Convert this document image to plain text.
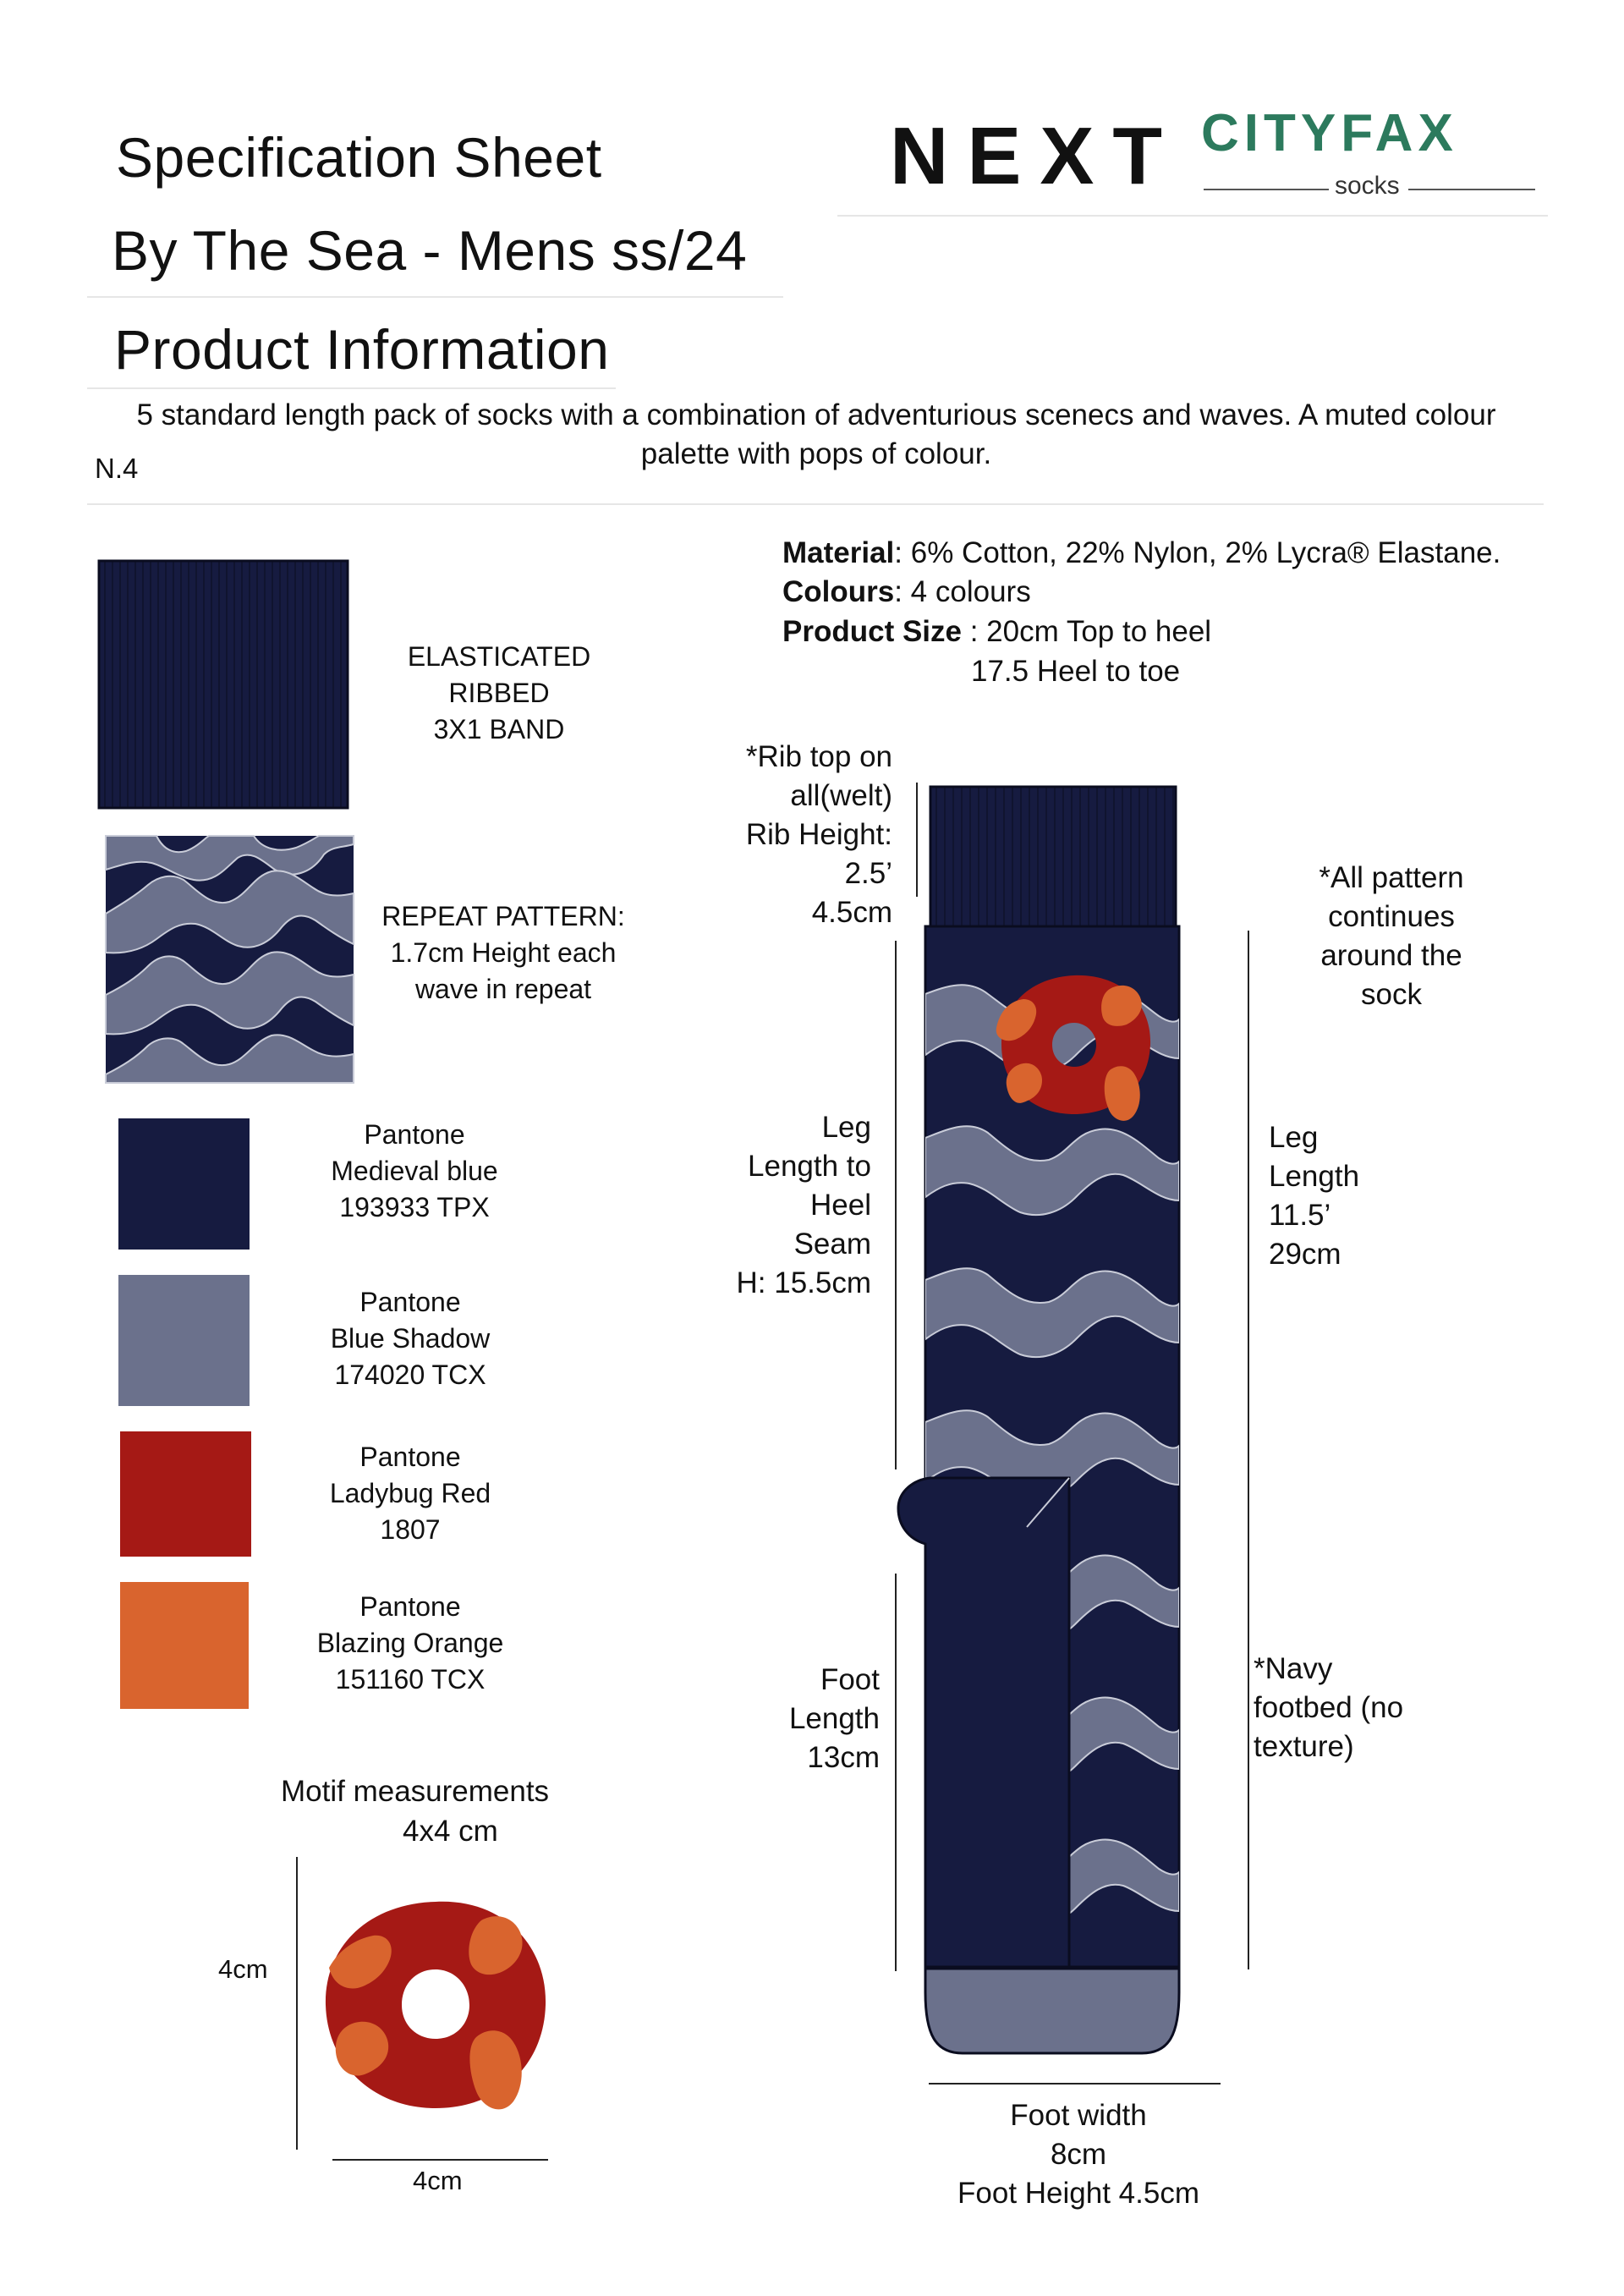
Specification Sheet	NEXT CITYFAX
socks
By The Sea - Mens ss/24
Product Information
5 standard length pack of socks with a combination of adventurious scenecs and waves. A muted colour palette with pops of colour.
N.4
ELASTICATED RIBBED
3X1 BAND
REPEAT PATTERN:
1.7cm Height each
wave in repeat
Pantone
Medieval blue
193933 TPX
Pantone
Blue Shadow
174020 TCX
Pantone
Ladybug Red
1807
Pantone
Blazing Orange
151160 TCX
Motif measurements
4x4 cm
4cm
4cm
Material: 6% Cotton, 22% Nylon, 2% Lycra® Elastane.
Colours: 4 colours
Product Size : 20cm Top to heel
17.5 Heel to toe
*Rib top on
all(welt)
Rib Height:
2.5’
4.5cm
Leg
Length to
Heel
Seam
H: 15.5cm
Foot
Length
13cm
*All pattern
continues
around the
sock
Leg
Length
11.5’
29cm
*Navy
footbed (no
texture)
Foot width
8cm
Foot Height 4.5cm
